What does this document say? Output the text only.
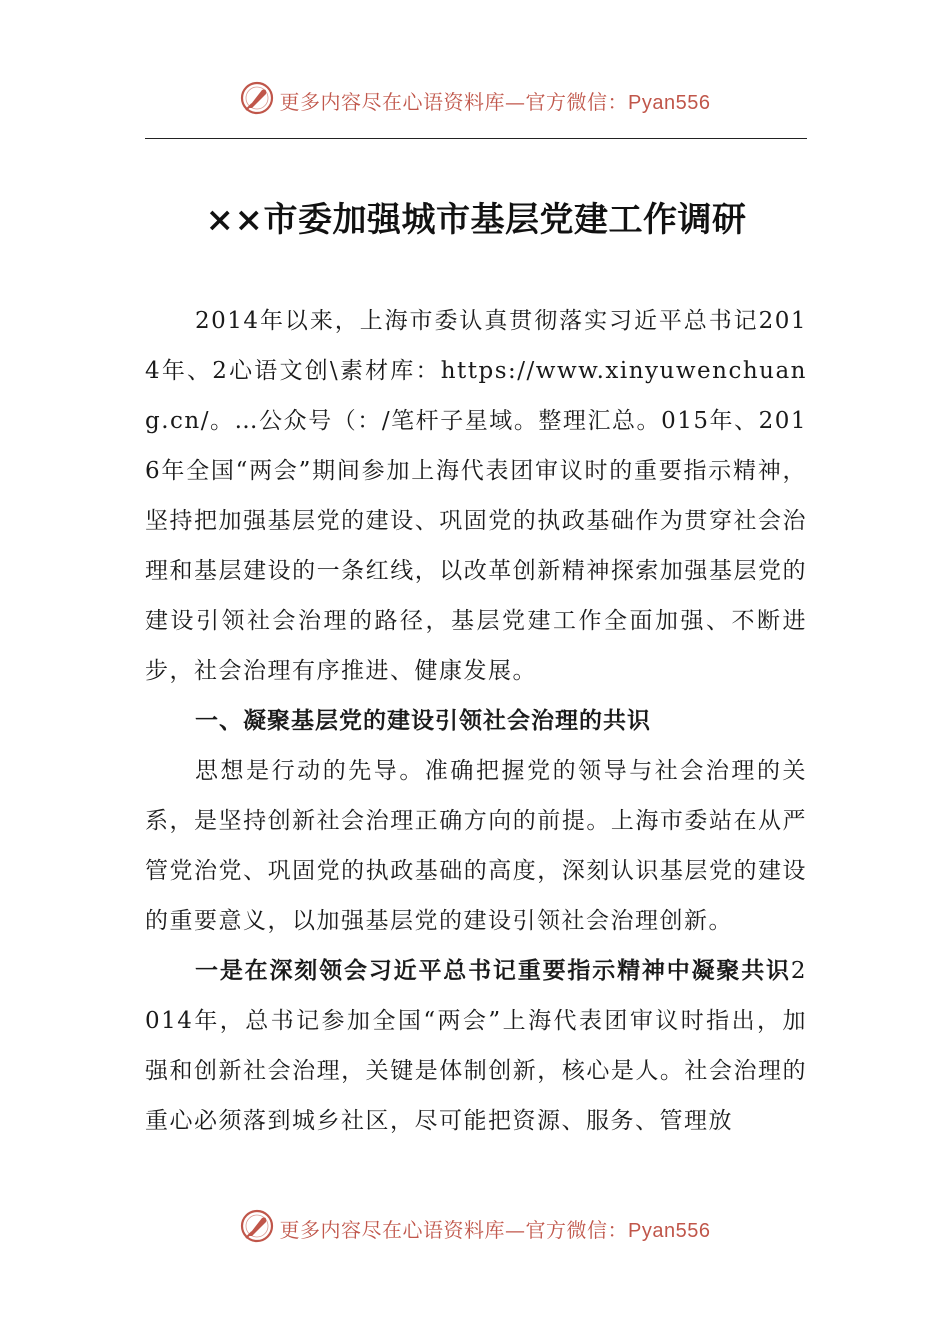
更多内容尽在心语资料库—官方微信：Pyan556
××市委加强城市基层党建工作调研

2014年以来，上海市委认真贯彻落实习近平总书记2014年、2心语文创\素材库：https://www.xinyuwenchuang.cn/。…公众号（：/笔杆子星域。整理汇总。015年、2016年全国“两会”期间参加上海代表团审议时的重要指示精神，坚持把加强基层党的建设、巩固党的执政基础作为贯穿社会治理和基层建设的一条红线，以改革创新精神探索加强基层党的建设引领社会治理的路径，基层党建工作全面加强、不断进步，社会治理有序推进、健康发展。

一、凝聚基层党的建设引领社会治理的共识

思想是行动的先导。准确把握党的领导与社会治理的关系，是坚持创新社会治理正确方向的前提。上海市委站在从严管党治党、巩固党的执政基础的高度，深刻认识基层党的建设的重要意义，以加强基层党的建设引领社会治理创新。

一是在深刻领会习近平总书记重要指示精神中凝聚共识2014年，总书记参加全国“两会”上海代表团审议时指出，加强和创新社会治理，关键是体制创新，核心是人。社会治理的重心必须落到城乡社区，尽可能把资源、服务、管理放

更多内容尽在心语资料库—官方微信：Pyan556
